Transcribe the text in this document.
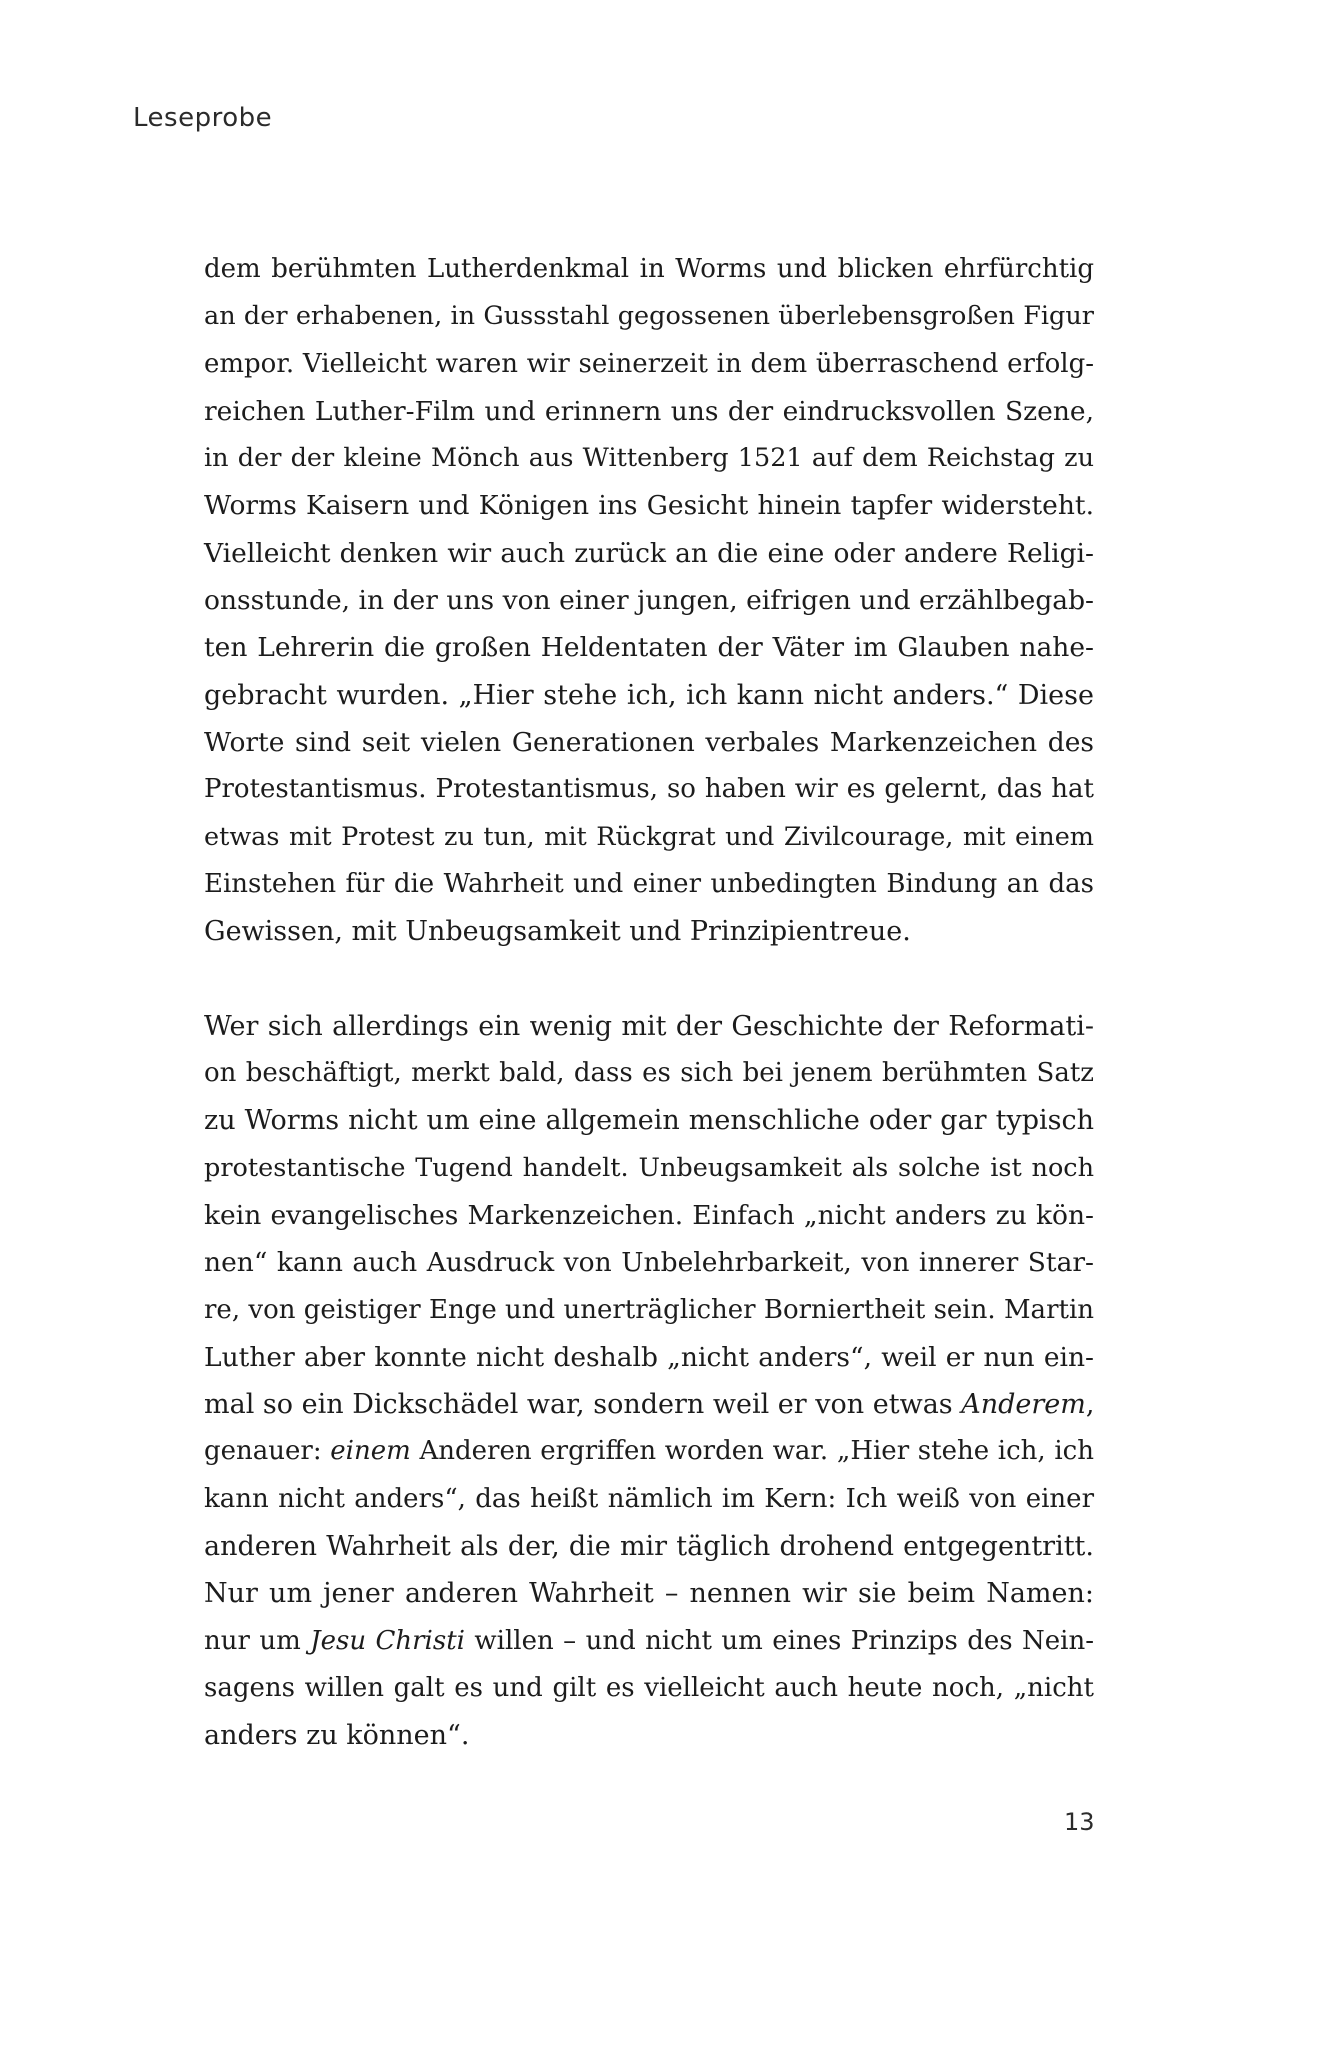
Leseprobe
dem berühmten Lutherdenkmal in Worms und blicken ehrfürchtig
an der erhabenen, in Gussstahl gegossenen überlebensgroßen Figur
empor. Vielleicht waren wir seinerzeit in dem überraschend erfolg-
reichen Luther-Film und erinnern uns der eindrucksvollen Szene,
in der der kleine Mönch aus Wittenberg 1521 auf dem Reichstag zu
Worms Kaisern und Königen ins Gesicht hinein tapfer widersteht.
Vielleicht denken wir auch zurück an die eine oder andere Religi-
onsstunde, in der uns von einer jungen, eifrigen und erzählbegab-
ten Lehrerin die großen Heldentaten der Väter im Glauben nahe-
gebracht wurden. „Hier stehe ich, ich kann nicht anders.“ Diese
Worte sind seit vielen Generationen verbales Markenzeichen des
Protestantismus. Protestantismus, so haben wir es gelernt, das hat
etwas mit Protest zu tun, mit Rückgrat und Zivilcourage, mit einem
Einstehen für die Wahrheit und einer unbedingten Bindung an das
Gewissen, mit Unbeugsamkeit und Prinzipientreue.
Wer sich allerdings ein wenig mit der Geschichte der Reformati-
on beschäftigt, merkt bald, dass es sich bei jenem berühmten Satz
zu Worms nicht um eine allgemein menschliche oder gar typisch
protestantische Tugend handelt. Unbeugsamkeit als solche ist noch
kein evangelisches Markenzeichen. Einfach „nicht anders zu kön-
nen“ kann auch Ausdruck von Unbelehrbarkeit, von innerer Star-
re, von geistiger Enge und unerträglicher Borniertheit sein. Martin
Luther aber konnte nicht deshalb „nicht anders“, weil er nun ein-
mal so ein Dickschädel war, sondern weil er von etwas Anderem,
genauer: einem Anderen ergriffen worden war. „Hier stehe ich, ich
kann nicht anders“, das heißt nämlich im Kern: Ich weiß von einer
anderen Wahrheit als der, die mir täglich drohend entgegentritt.
Nur um jener anderen Wahrheit – nennen wir sie beim Namen:
nur um Jesu Christi willen – und nicht um eines Prinzips des Nein-
sagens willen galt es und gilt es vielleicht auch heute noch, „nicht
anders zu können“.
13
